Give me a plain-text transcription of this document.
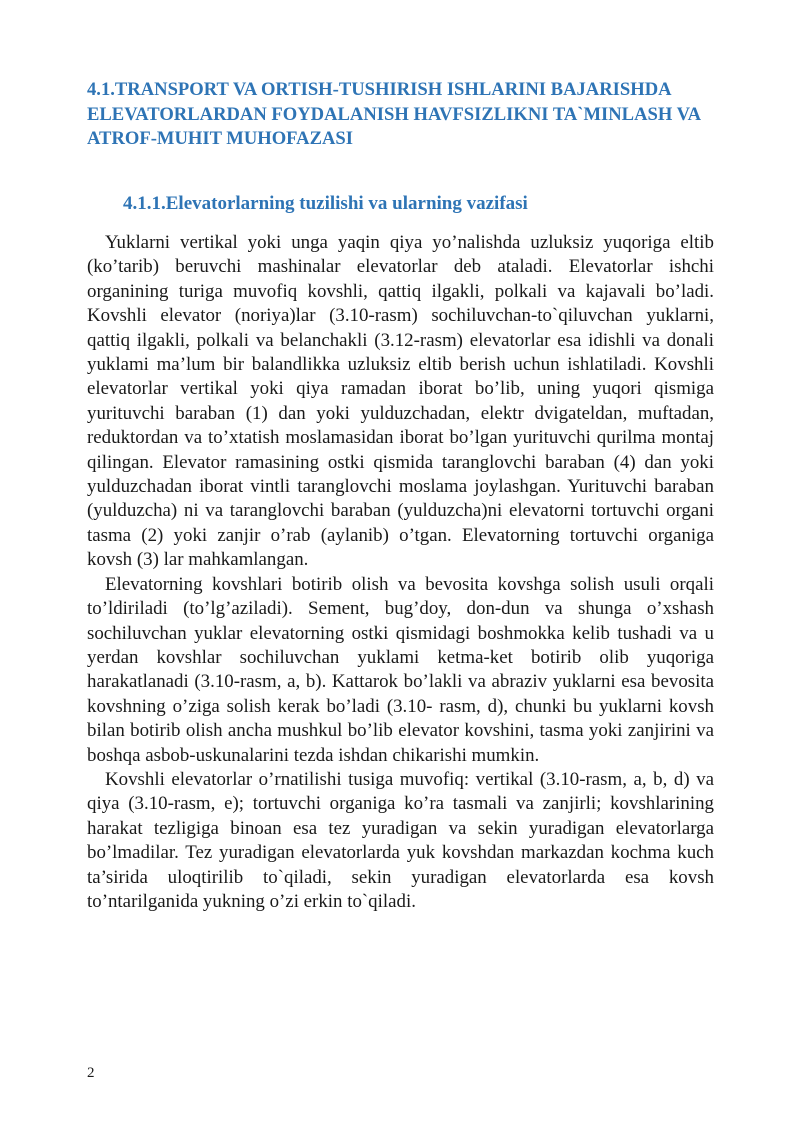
4.1.TRANSPORT VA ORTISH-TUSHIRISH ISHLARINI BAJARISHDA ELEVATORLARDAN FOYDALANISH HAVFSIZLIKNI TA`MINLASH VA ATROF-MUHIT MUHOFAZASI
4.1.1.Elevatorlarning tuzilishi va ularning vazifasi

Yuklarni vertikal yoki unga yaqin qiya yo’nalishda uzluksiz yuqoriga eltib (ko’tarib) beruvchi mashinalar elevatorlar deb ataladi. Elevatorlar ishchi organining turiga muvofiq kovshli, qattiq ilgakli, polkali va kajavali bo’ladi. Kovshli elevator (noriya)lar (3.10-rasm) sochiluvchan-to`qiluvchan yuklarni, qattiq ilgakli, polkali va belanchakli (3.12-rasm) elevatorlar esa idishli va donali yuklami ma’lum bir balandlikka uzluksiz eltib berish uchun ishlatiladi. Kovshli elevatorlar vertikal yoki qiya ramadan iborat bo’lib, uning yuqori qismiga yurituvchi baraban (1) dan yoki yulduzchadan, elektr dvigateldan, muftadan, reduktordan va to’xtatish moslamasidan iborat bo’lgan yurituvchi qurilma montaj qilingan. Elevator ramasining ostki qismida taranglovchi baraban (4) dan yoki yulduzchadan iborat vintli taranglovchi moslama joylashgan. Yurituvchi baraban (yulduzcha) ni va taranglovchi baraban (yulduzcha)ni elevatorni tortuvchi organi tasma (2) yoki zanjir o’rab (aylanib) o’tgan. Elevatorning tortuvchi organiga kovsh (3) lar mahkamlangan.

Elevatorning kovshlari botirib olish va bevosita kovshga solish usuli orqali to’ldiriladi (to’lg’aziladi). Sement, bug’doy, don-dun va shunga o’xshash sochiluvchan yuklar elevatorning ostki qismidagi boshmokka kelib tushadi va u yerdan kovshlar sochiluvchan yuklami ketma-ket botirib olib yuqoriga harakatlanadi (3.10-rasm, a, b). Kattarok bo’lakli va abraziv yuklarni esa bevosita kovshning o’ziga solish kerak bo’ladi (3.10- rasm, d), chunki bu yuklarni kovsh bilan botirib olish ancha mushkul bo’lib elevator kovshini, tasma yoki zanjirini va boshqa asbob-uskunalarini tezda ishdan chikarishi mumkin.

Kovshli elevatorlar o’rnatilishi tusiga muvofiq: vertikal (3.10-rasm, a, b, d) va qiya (3.10-rasm, e); tortuvchi organiga ko’ra tasmali va zanjirli; kovshlarining harakat tezligiga binoan esa tez yuradigan va sekin yuradigan elevatorlarga bo’lmadilar. Tez yuradigan elevatorlarda yuk kovshdan markazdan kochma kuch ta’sirida uloqtirilib to`qiladi, sekin yuradigan elevatorlarda esa kovsh to’ntarilganida yukning o’zi erkin to`qiladi.

2
